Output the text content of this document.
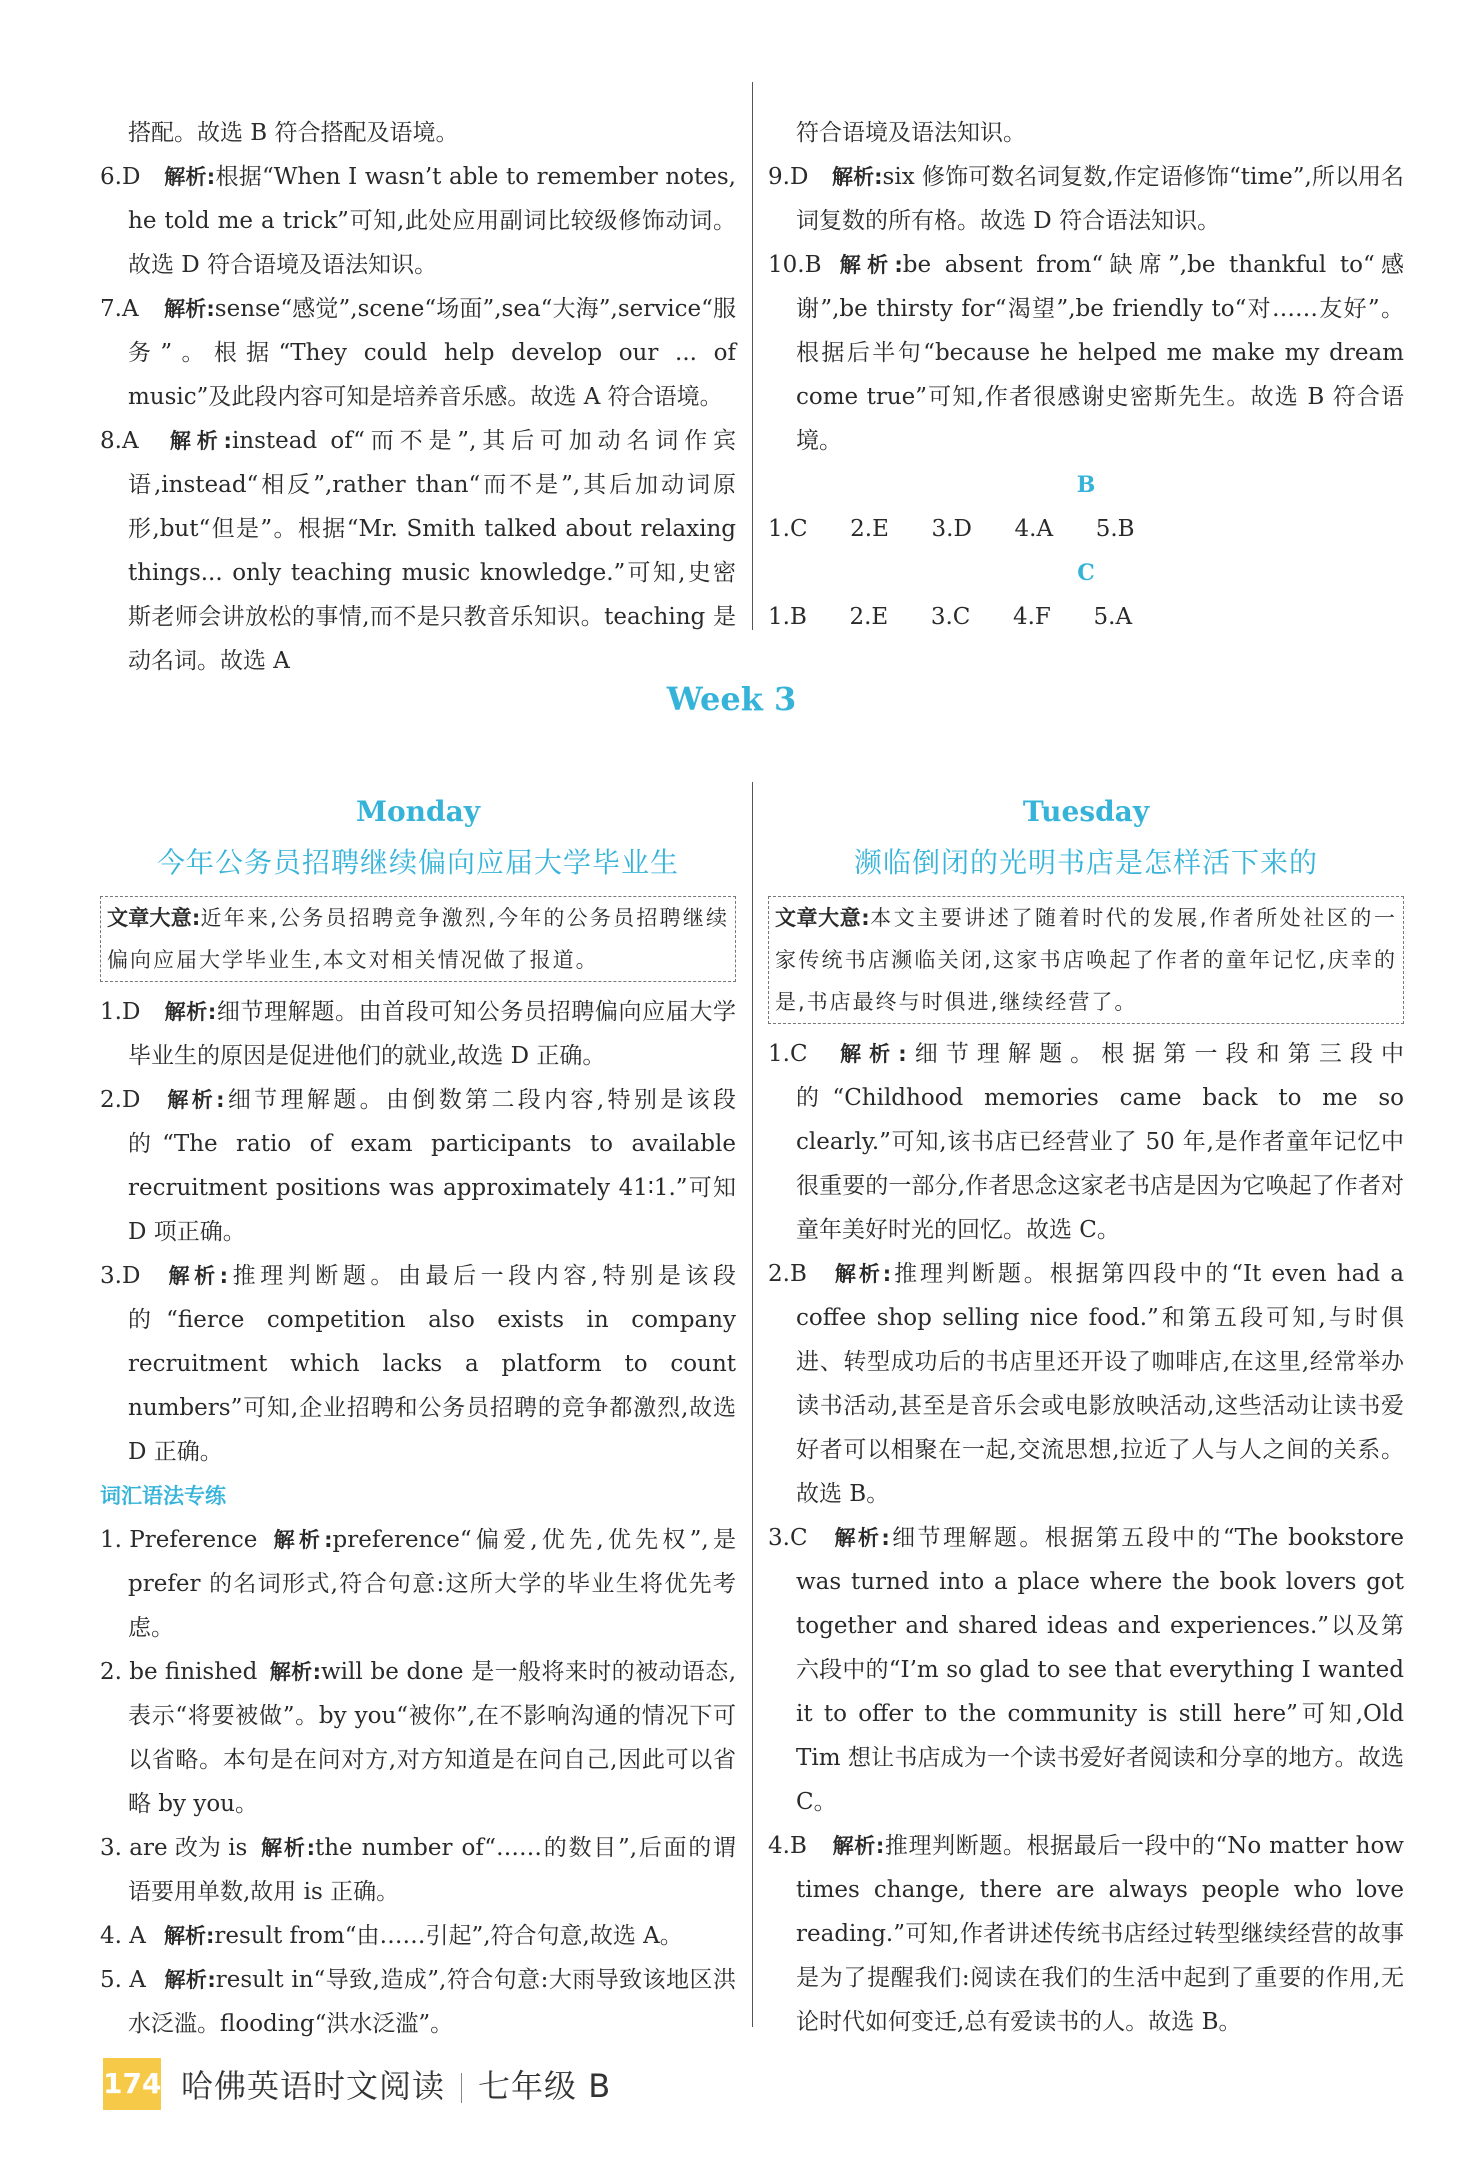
搭配。故选 B 符合搭配及语境。
6.D 解析:根据“When I wasn’t able to remember notes, he told me a trick”可知,此处应用副词比较级修饰动词。故选 D 符合语境及语法知识。
7.A 解析:sense“感觉”,scene“场面”,sea“大海”,service“服务”。根据“They could help develop our ... of music”及此段内容可知是培养音乐感。故选 A 符合语境。
8.A 解析:instead of“而不是”,其后可加动名词作宾语,instead“相反”,rather than“而不是”,其后加动词原形,but“但是”。根据“Mr. Smith talked about relaxing things... only teaching music knowledge.”可知,史密斯老师会讲放松的事情,而不是只教音乐知识。teaching 是动名词。故选 A
符合语境及语法知识。
9.D 解析:six 修饰可数名词复数,作定语修饰“time”,所以用名词复数的所有格。故选 D 符合语法知识。
10.B 解析:be absent from“缺席”,be thankful to“感谢”,be thirsty for“渴望”,be friendly to“对……友好”。根据后半句“because he helped me make my dream come true”可知,作者很感谢史密斯先生。故选 B 符合语境。
B
1.C  2.E  3.D  4.A  5.B
C
1.B  2.E  3.C  4.F  5.A
Week 3
Monday
今年公务员招聘继续偏向应届大学毕业生
文章大意:近年来,公务员招聘竞争激烈,今年的公务员招聘继续偏向应届大学毕业生,本文对相关情况做了报道。
1.D 解析:细节理解题。由首段可知公务员招聘偏向应届大学毕业生的原因是促进他们的就业,故选 D 正确。
2.D 解析:细节理解题。由倒数第二段内容,特别是该段的“The ratio of exam participants to available recruitment positions was approximately 41∶1.”可知 D 项正确。
3.D 解析:推理判断题。由最后一段内容,特别是该段的“fierce competition also exists in company recruitment which lacks a platform to count numbers”可知,企业招聘和公务员招聘的竞争都激烈,故选 D 正确。
词汇语法专练
1. Preference 解析:preference“偏爱,优先,优先权”,是 prefer 的名词形式,符合句意:这所大学的毕业生将优先考虑。
2. be finished 解析:will be done 是一般将来时的被动语态,表示“将要被做”。by you“被你”,在不影响沟通的情况下可以省略。本句是在问对方,对方知道是在问自己,因此可以省略 by you。
3. are 改为 is 解析:the number of“……的数目”,后面的谓语要用单数,故用 is 正确。
4. A 解析:result from“由……引起”,符合句意,故选 A。
5. A 解析:result in“导致,造成”,符合句意:大雨导致该地区洪水泛滥。flooding“洪水泛滥”。
Tuesday
濒临倒闭的光明书店是怎样活下来的
文章大意:本文主要讲述了随着时代的发展,作者所处社区的一家传统书店濒临关闭,这家书店唤起了作者的童年记忆,庆幸的是,书店最终与时俱进,继续经营了。
1.C 解析:细节理解题。根据第一段和第三段中的“Childhood memories came back to me so clearly.”可知,该书店已经营业了 50 年,是作者童年记忆中很重要的一部分,作者思念这家老书店是因为它唤起了作者对童年美好时光的回忆。故选 C。
2.B 解析:推理判断题。根据第四段中的“It even had a coffee shop selling nice food.”和第五段可知,与时俱进、转型成功后的书店里还开设了咖啡店,在这里,经常举办读书活动,甚至是音乐会或电影放映活动,这些活动让读书爱好者可以相聚在一起,交流思想,拉近了人与人之间的关系。故选 B。
3.C 解析:细节理解题。根据第五段中的“The bookstore was turned into a place where the book lovers got together and shared ideas and experiences.”以及第六段中的“I’m so glad to see that everything I wanted it to offer to the community is still here”可知,Old Tim 想让书店成为一个读书爱好者阅读和分享的地方。故选 C。
4.B 解析:推理判断题。根据最后一段中的“No matter how times change, there are always people who love reading.”可知,作者讲述传统书店经过转型继续经营的故事是为了提醒我们:阅读在我们的生活中起到了重要的作用,无论时代如何变迁,总有爱读书的人。故选 B。
174 哈佛英语时文阅读 七年级 B
